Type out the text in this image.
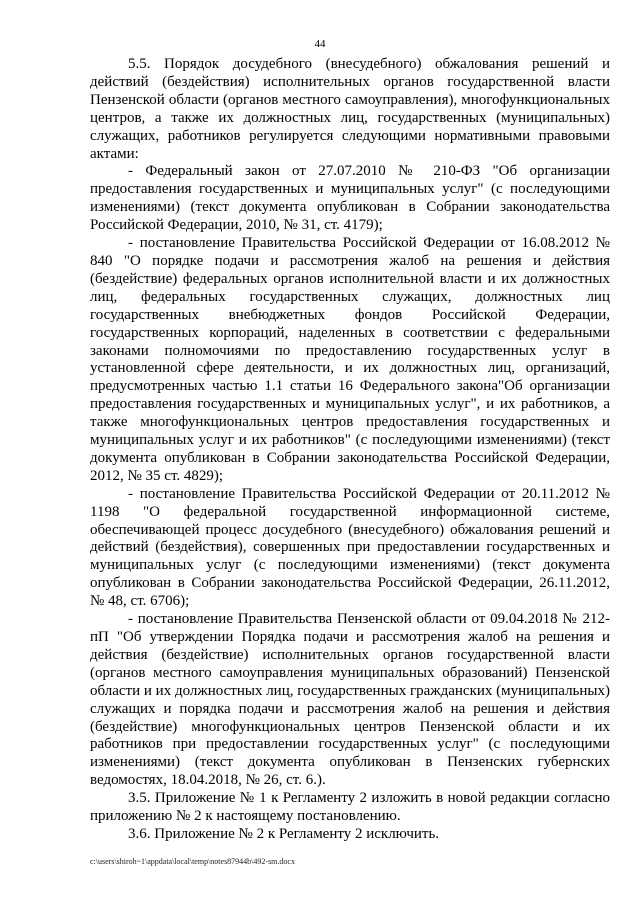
44

5.5. Порядок досудебного (внесудебного) обжалования решений и действий (бездействия) исполнительных органов государственной власти Пензенской области (органов местного самоуправления), многофункциональных центров, а также их должностных лиц, государственных (муниципальных) служащих, работников регулируется следующими нормативными правовыми актами:

- Федеральный закон от 27.07.2010 № 210-ФЗ "Об организации предоставления государственных и муниципальных услуг" (с последующими изменениями) (текст документа опубликован в Собрании законодательства Российской Федерации, 2010, № 31, ст. 4179);

- постановление Правительства Российской Федерации от 16.08.2012 № 840 "О порядке подачи и рассмотрения жалоб на решения и действия (бездействие) федеральных органов исполнительной власти и их должностных лиц, федеральных государственных служащих, должностных лиц государственных внебюджетных фондов Российской Федерации, государственных корпораций, наделенных в соответствии с федеральными законами полномочиями по предоставлению государственных услуг в установленной сфере деятельности, и их должностных лиц, организаций, предусмотренных частью 1.1 статьи 16 Федерального закона"Об организации предоставления государственных и муниципальных услуг", и их работников, а также многофункциональных центров предоставления государственных и муниципальных услуг и их работников" (с последующими изменениями) (текст документа опубликован в Собрании законодательства Российской Федерации, 2012, № 35 ст. 4829);

- постановление Правительства Российской Федерации от 20.11.2012 № 1198 "О федеральной государственной информационной системе, обеспечивающей процесс досудебного (внесудебного) обжалования решений и действий (бездействия), совершенных при предоставлении государственных и муниципальных услуг (с последующими изменениями) (текст документа опубликован в Собрании законодательства Российской Федерации, 26.11.2012, № 48, ст. 6706);

- постановление Правительства Пензенской области от 09.04.2018 № 212-пП "Об утверждении Порядка подачи и рассмотрения жалоб на решения и действия (бездействие) исполнительных органов государственной власти (органов местного самоуправления муниципальных образований) Пензенской области и их должностных лиц, государственных гражданских (муниципальных) служащих и порядка подачи и рассмотрения жалоб на решения и действия (бездействие) многофункциональных центров Пензенской области и их работников при предоставлении государственных услуг" (с последующими изменениями) (текст документа опубликован в Пензенских губернских ведомостях, 18.04.2018, № 26, ст. 6.).

3.5. Приложение № 1 к Регламенту 2 изложить в новой редакции согласно приложению № 2 к настоящему постановлению.

3.6. Приложение № 2 к Регламенту 2 исключить.

c:\users\shiroh~1\appdata\local\temp\notes87944b\492-sm.docx
